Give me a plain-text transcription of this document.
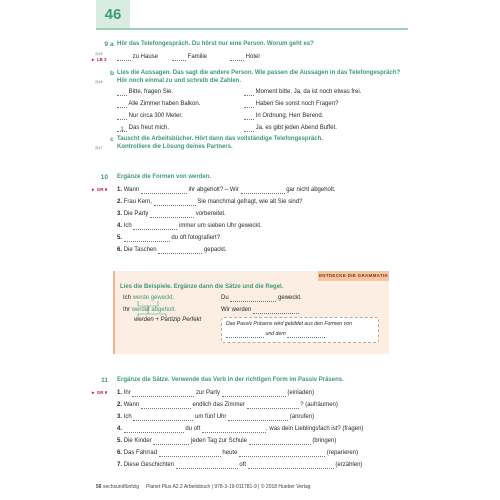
46
9 a Hör das Telefongespräch. Du hörst nur eine Person. Worum geht es?
2|45
► LB 3	zu Hause	Familie	Hotel
b Lies die Aussagen. Das sagt die andere Person. Wie passen die Aussagen in das Telefongespräch?
Hör noch einmal zu und schreib die Zahlen.
2|46
Bitte, fragen Sie.
Alle Zimmer haben Balkon.
Nur circa 300 Meter.
1 Das freut mich.
Moment bitte. Ja, da ist noch etwas frei.
Haben Sie sonst noch Fragen?
In Ordnung, Herr Berend.
Ja, es gibt jeden Abend Buffet.
c Tauscht die Arbeitsbücher. Hört dann das vollständige Telefongespräch.
Kontrolliere die Lösung deines Partners.
2|47
10 Ergänze die Formen von werden.
► GR 9 1. Wann	ihr abgeholt? – Wir	gar nicht abgeholt.
2. Frau Kern,	Sie manchmal gefragt, wie alt Sie sind?
3. Die Party	vorbereitet.
4. Ich	immer um sieben Uhr geweckt.
5.	du oft fotografiert?
6. Die Taschen	gepackt.
ENTDECKE DIE GRAMMATIK
Lies die Beispiele. Ergänze dann die Sätze und die Regel.
Ich werde geweckt.
Ihr werdet abgeholt.
werden + Partizip Perfekt
Du	geweckt.
Wir werden
Das Passiv Präsens wird gebildet aus den Formen von
und dem
11 Ergänze die Sätze. Verwende das Verb in der richtigen Form im Passiv Präsens.
► GR 9 1. Ihr	zur Party	(einladen)
2. Wann	endlich das Zimmer	? (aufräumen)
3. Ich	um fünf Uhr	(anrufen)
4.	du oft	, was dein Lieblingsfach ist? (fragen)
5. Die Kinder	jeden Tag zur Schule	(bringen)
6. Das Fahrrad	heute	(reparieren)
7. Diese Geschichten	oft	(erzählen)
56 sechsundfünfzig Planet Plus A2.2 Arbeitsbuch | 978-3-19-011781-9 | © 2018 Hueber Verlag
